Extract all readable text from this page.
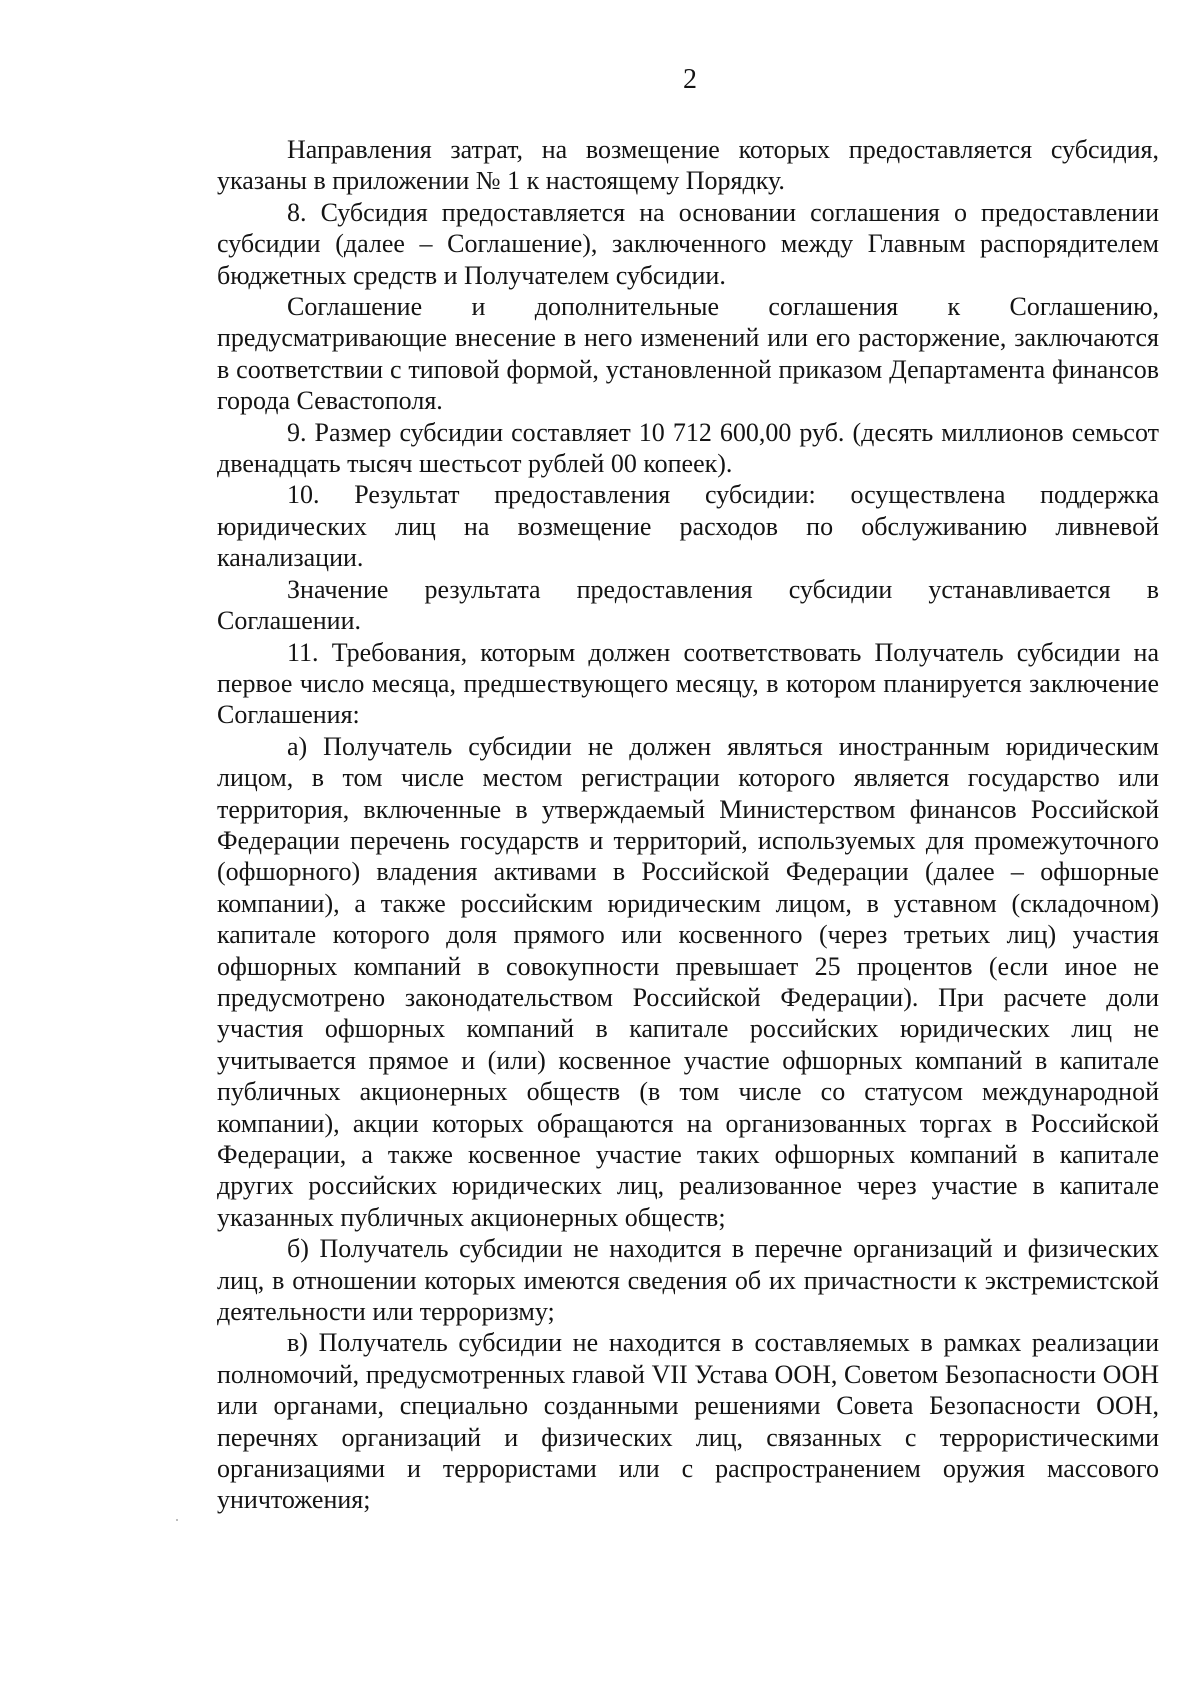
2

Направления затрат, на возмещение которых предоставляется субсидия, указаны в приложении № 1 к настоящему Порядку.

8. Субсидия предоставляется на основании соглашения о предоставлении субсидии (далее – Соглашение), заключенного между Главным распорядителем бюджетных средств и Получателем субсидии.

Соглашение и дополнительные соглашения к Соглашению, предусматривающие внесение в него изменений или его расторжение, заключаются в соответствии с типовой формой, установленной приказом Департамента финансов города Севастополя.

9. Размер субсидии составляет 10 712 600,00 руб. (десять миллионов семьсот двенадцать тысяч шестьсот рублей 00 копеек).

10. Результат предоставления субсидии: осуществлена поддержка юридических лиц на возмещение расходов по обслуживанию ливневой канализации.

Значение результата предоставления субсидии устанавливается в Соглашении.

11. Требования, которым должен соответствовать Получатель субсидии на первое число месяца, предшествующего месяцу, в котором планируется заключение Соглашения:

а) Получатель субсидии не должен являться иностранным юридическим лицом, в том числе местом регистрации которого является государство или территория, включенные в утверждаемый Министерством финансов Российской Федерации перечень государств и территорий, используемых для промежуточного (офшорного) владения активами в Российской Федерации (далее – офшорные компании), а также российским юридическим лицом, в уставном (складочном) капитале которого доля прямого или косвенного (через третьих лиц) участия офшорных компаний в совокупности превышает 25 процентов (если иное не предусмотрено законодательством Российской Федерации). При расчете доли участия офшорных компаний в капитале российских юридических лиц не учитывается прямое и (или) косвенное участие офшорных компаний в капитале публичных акционерных обществ (в том числе со статусом международной компании), акции которых обращаются на организованных торгах в Российской Федерации, а также косвенное участие таких офшорных компаний в капитале других российских юридических лиц, реализованное через участие в капитале указанных публичных акционерных обществ;

б) Получатель субсидии не находится в перечне организаций и физических лиц, в отношении которых имеются сведения об их причастности к экстремистской деятельности или терроризму;

в) Получатель субсидии не находится в составляемых в рамках реализации полномочий, предусмотренных главой VII Устава ООН, Советом Безопасности ООН или органами, специально созданными решениями Совета Безопасности ООН, перечнях организаций и физических лиц, связанных с террористическими организациями и террористами или с распространением оружия массового уничтожения;
